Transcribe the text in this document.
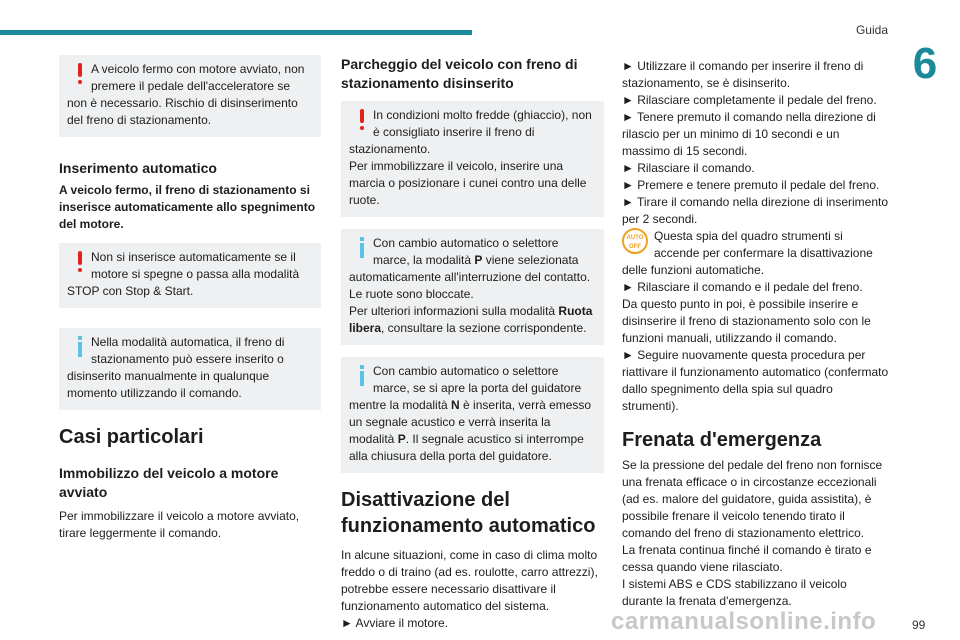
Guida
6

A veicolo fermo con motore avviato, non premere il pedale dell'acceleratore se

non è necessario. Rischio di disinserimento del freno di stazionamento.

Inserimento automatico

A veicolo fermo, il freno di stazionamento si inserisce automaticamente allo spegnimento del motore.

Non si inserisce automaticamente se il motore si spegne o passa alla modalità

STOP con Stop & Start.

Nella modalità automatica, il freno di stazionamento può essere inserito o

disinserito manualmente in qualunque momento utilizzando il comando.

Casi particolari
Immobilizzo del veicolo a motore avviato

Per immobilizzare il veicolo a motore avviato, tirare leggermente il comando.

Parcheggio del veicolo con freno di stazionamento disinserito

In condizioni molto fredde (ghiaccio), non è consigliato inserire il freno di

stazionamento.

Per immobilizzare il veicolo, inserire una marcia o posizionare i cunei contro una delle ruote.

Con cambio automatico o selettore marce, la modalità P viene selezionata

automaticamente all'interruzione del contatto.

Le ruote sono bloccate.

Per ulteriori informazioni sulla modalità Ruota libera, consultare la sezione corrispondente.

Con cambio automatico o selettore marce, se si apre la porta del guidatore

mentre la modalità N è inserita, verrà emesso un segnale acustico e verrà inserita la modalità P. Il segnale acustico si interrompe alla chiusura della porta del guidatore.

Disattivazione del funzionamento automatico

In alcune situazioni, come in caso di clima molto freddo o di traino (ad es. roulotte, carro attrezzi), potrebbe essere necessario disattivare il funzionamento automatico del sistema.

► Avviare il motore.

► Utilizzare il comando per inserire il freno di stazionamento, se è disinserito.

► Rilasciare completamente il pedale del freno.

► Tenere premuto il comando nella direzione di rilascio per un minimo di 10 secondi e un massimo di 15 secondi.

► Rilasciare il comando.

► Premere e tenere premuto il pedale del freno.

► Tirare il comando nella direzione di inserimento per 2 secondi.

AUTO
OFF

Questa spia del quadro strumenti si accende per confermare la disattivazione

delle funzioni automatiche.

► Rilasciare il comando e il pedale del freno.

Da questo punto in poi, è possibile inserire e disinserire il freno di stazionamento solo con le funzioni manuali, utilizzando il comando.

► Seguire nuovamente questa procedura per riattivare il funzionamento automatico (confermato dallo spegnimento della spia sul quadro strumenti).

Frenata d'emergenza

Se la pressione del pedale del freno non fornisce una frenata efficace o in circostanze eccezionali (ad es. malore del guidatore, guida assistita), è possibile frenare il veicolo tenendo tirato il comando del freno di stazionamento elettrico.

La frenata continua finché il comando è tirato e cessa quando viene rilasciato.

I sistemi ABS e CDS stabilizzano il veicolo durante la frenata d'emergenza.

carmanualsonline.info	99
